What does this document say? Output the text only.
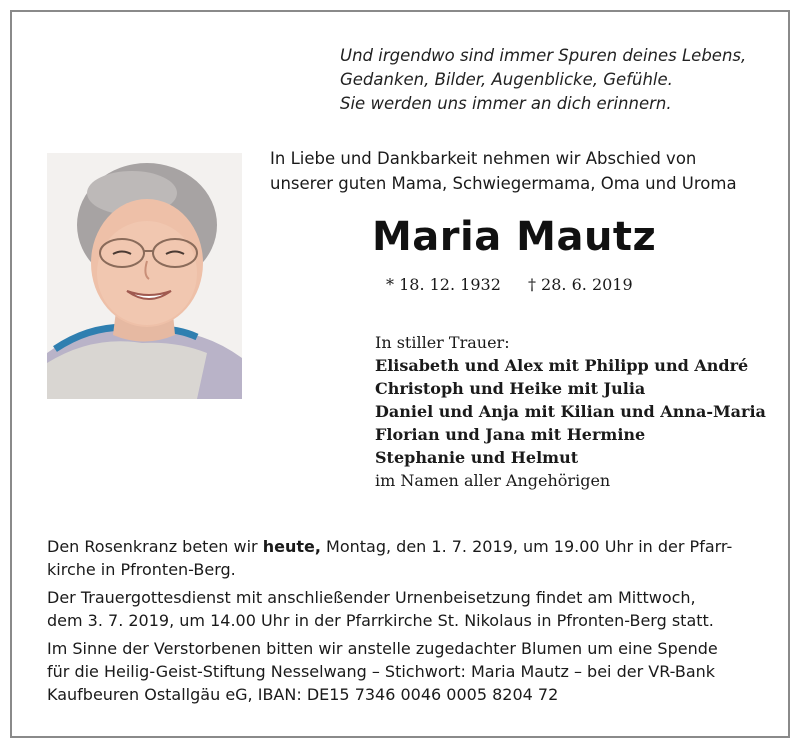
Und irgendwo sind immer Spuren deines Lebens,
Gedanken, Bilder, Augenblicke, Gefühle.
Sie werden uns immer an dich erinnern.
In Liebe und Dankbarkeit nehmen wir Abschied von
unserer guten Mama, Schwiegermama, Oma und Uroma
Maria Mautz
* 18. 12. 1932 † 28. 6. 2019
In stiller Trauer:
Elisabeth und Alex mit Philipp und André
Christoph und Heike mit Julia
Daniel und Anja mit Kilian und Anna-Maria
Florian und Jana mit Hermine
Stephanie und Helmut
im Namen aller Angehörigen

Den Rosenkranz beten wir heute, Montag, den 1. 7. 2019, um 19.00 Uhr in der Pfarr-
kirche in Pfronten-Berg.

Der Trauergottesdienst mit anschließender Urnenbeisetzung findet am Mittwoch,
dem 3. 7. 2019, um 14.00 Uhr in der Pfarrkirche St. Nikolaus in Pfronten-Berg statt.

Im Sinne der Verstorbenen bitten wir anstelle zugedachter Blumen um eine Spende
für die Heilig-Geist-Stiftung Nesselwang – Stichwort: Maria Mautz – bei der VR-Bank
Kaufbeuren Ostallgäu eG, IBAN: DE15 7346 0046 0005 8204 72
